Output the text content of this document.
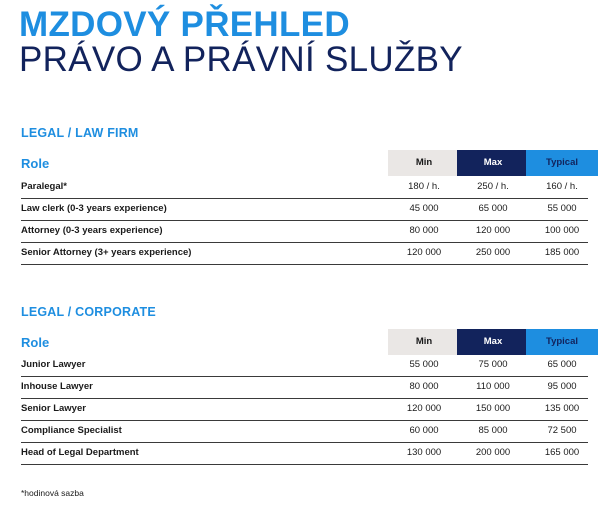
MZDOVÝ PŘEHLED
PRÁVO A PRÁVNÍ SLUŽBY
LEGAL / LAW FIRM
Role	Min	Max	Typical
Paralegal*	180 / h.	250 / h.	160 / h.
Law clerk (0-3 years experience)	45 000	65 000	55 000
Attorney (0-3 years experience)	80 000	120 000	100 000
Senior Attorney (3+ years experience)	120 000	250 000	185 000
LEGAL / CORPORATE
Role	Min	Max	Typical
Junior Lawyer	55 000	75 000	65 000
Inhouse Lawyer	80 000	110 000	95 000
Senior Lawyer	120 000	150 000	135 000
Compliance Specialist	60 000	85 000	72 500
Head of Legal Department	130 000	200 000	165 000
*hodinová sazba
